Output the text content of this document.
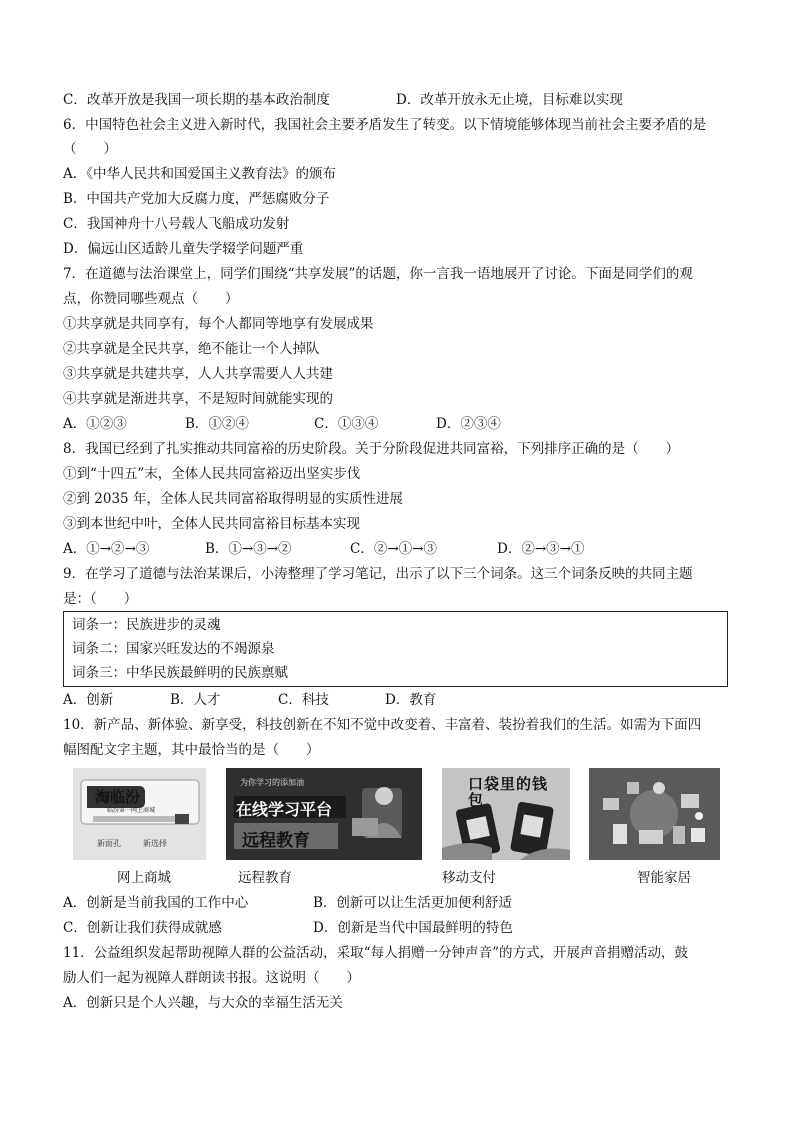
C．改革开放是我国一项长期的基本政治制度	D．改革开放永无止境，目标难以实现
6．中国特色社会主义进入新时代，我国社会主要矛盾发生了转变。以下情境能够体现当前社会主要矛盾的是
（　　）
A．《中华人民共和国爱国主义教育法》的颁布
B．中国共产党加大反腐力度，严惩腐败分子
C．我国神舟十八号载人飞船成功发射
D．偏远山区适龄儿童失学辍学问题严重
7．在道德与法治课堂上，同学们围绕“共享发展”的话题，你一言我一语地展开了讨论。下面是同学们的观
点，你赞同哪些观点（　　）
①共享就是共同享有，每个人都同等地享有发展成果
②共享就是全民共享，绝不能让一个人掉队
③共享就是共建共享，人人共享需要人人共建
④共享就是渐进共享，不是短时间就能实现的
A．①②③	B．①②④	C．①③④	D．②③④
8．我国已经到了扎实推动共同富裕的历史阶段。关于分阶段促进共同富裕，下列排序正确的是（　　）
①到“十四五”末，全体人民共同富裕迈出坚实步伐
②到 2035 年，全体人民共同富裕取得明显的实质性进展
③到本世纪中叶，全体人民共同富裕目标基本实现
A．①→②→③	B．①→③→②	C．②→①→③	D．②→③→①
9．在学习了道德与法治某课后，小涛整理了学习笔记，出示了以下三个词条。这三个词条反映的共同主题
是：（　　）
词条一：民族进步的灵魂
词条二：国家兴旺发达的不竭源泉
词条三：中华民族最鲜明的民族禀赋
A．创新	B．人才	C．科技	D．教育
10．新产品、新体验、新享受，科技创新在不知不觉中改变着、丰富着、装扮着我们的生活。如需为下面四
幅图配文字主题，其中最恰当的是（　　）
淘临汾
临汾第一网上商城
新面孔	新选择
为你学习的添加油
在线学习平台
远程教育
口袋里的钱包
网上商城	远程教育	移动支付	智能家居
A．创新是当前我国的工作中心	B．创新可以让生活更加便利舒适
C．创新让我们获得成就感	D．创新是当代中国最鲜明的特色
11．公益组织发起帮助视障人群的公益活动，采取“每人捐赠一分钟声音”的方式，开展声音捐赠活动，鼓
励人们一起为视障人群朗读书报。这说明（　　）
A．创新只是个人兴趣，与大众的幸福生活无关
